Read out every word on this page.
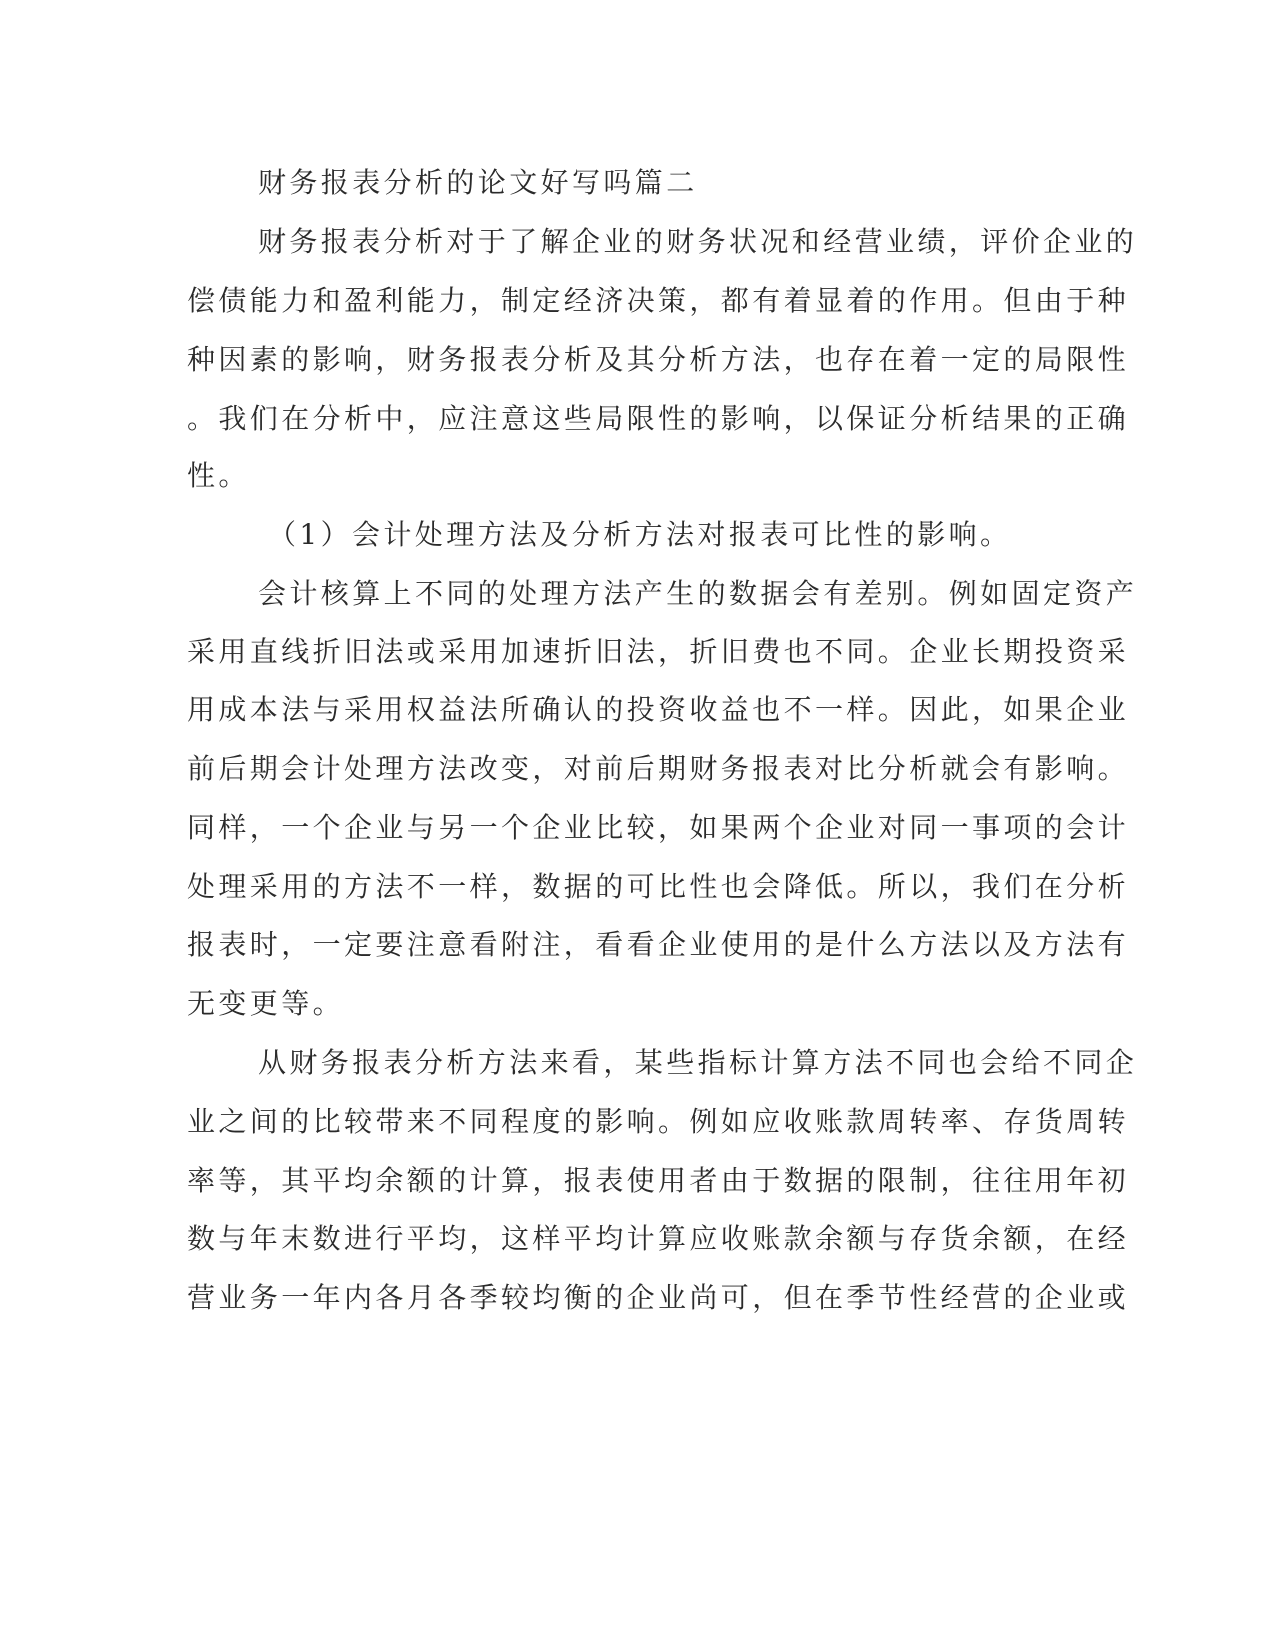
财务报表分析的论文好写吗篇二
财务报表分析对于了解企业的财务状况和经营业绩，评价企业的
偿债能力和盈利能力，制定经济决策，都有着显着的作用。但由于种
种因素的影响，财务报表分析及其分析方法，也存在着一定的局限性
。我们在分析中，应注意这些局限性的影响，以保证分析结果的正确
性。
（1）会计处理方法及分析方法对报表可比性的影响。
会计核算上不同的处理方法产生的数据会有差别。例如固定资产
采用直线折旧法或采用加速折旧法，折旧费也不同。企业长期投资采
用成本法与采用权益法所确认的投资收益也不一样。因此，如果企业
前后期会计处理方法改变，对前后期财务报表对比分析就会有影响。
同样，一个企业与另一个企业比较，如果两个企业对同一事项的会计
处理采用的方法不一样，数据的可比性也会降低。所以，我们在分析
报表时，一定要注意看附注，看看企业使用的是什么方法以及方法有
无变更等。
从财务报表分析方法来看，某些指标计算方法不同也会给不同企
业之间的比较带来不同程度的影响。例如应收账款周转率、存货周转
率等，其平均余额的计算，报表使用者由于数据的限制，往往用年初
数与年末数进行平均，这样平均计算应收账款余额与存货余额，在经
营业务一年内各月各季较均衡的企业尚可，但在季节性经营的企业或
